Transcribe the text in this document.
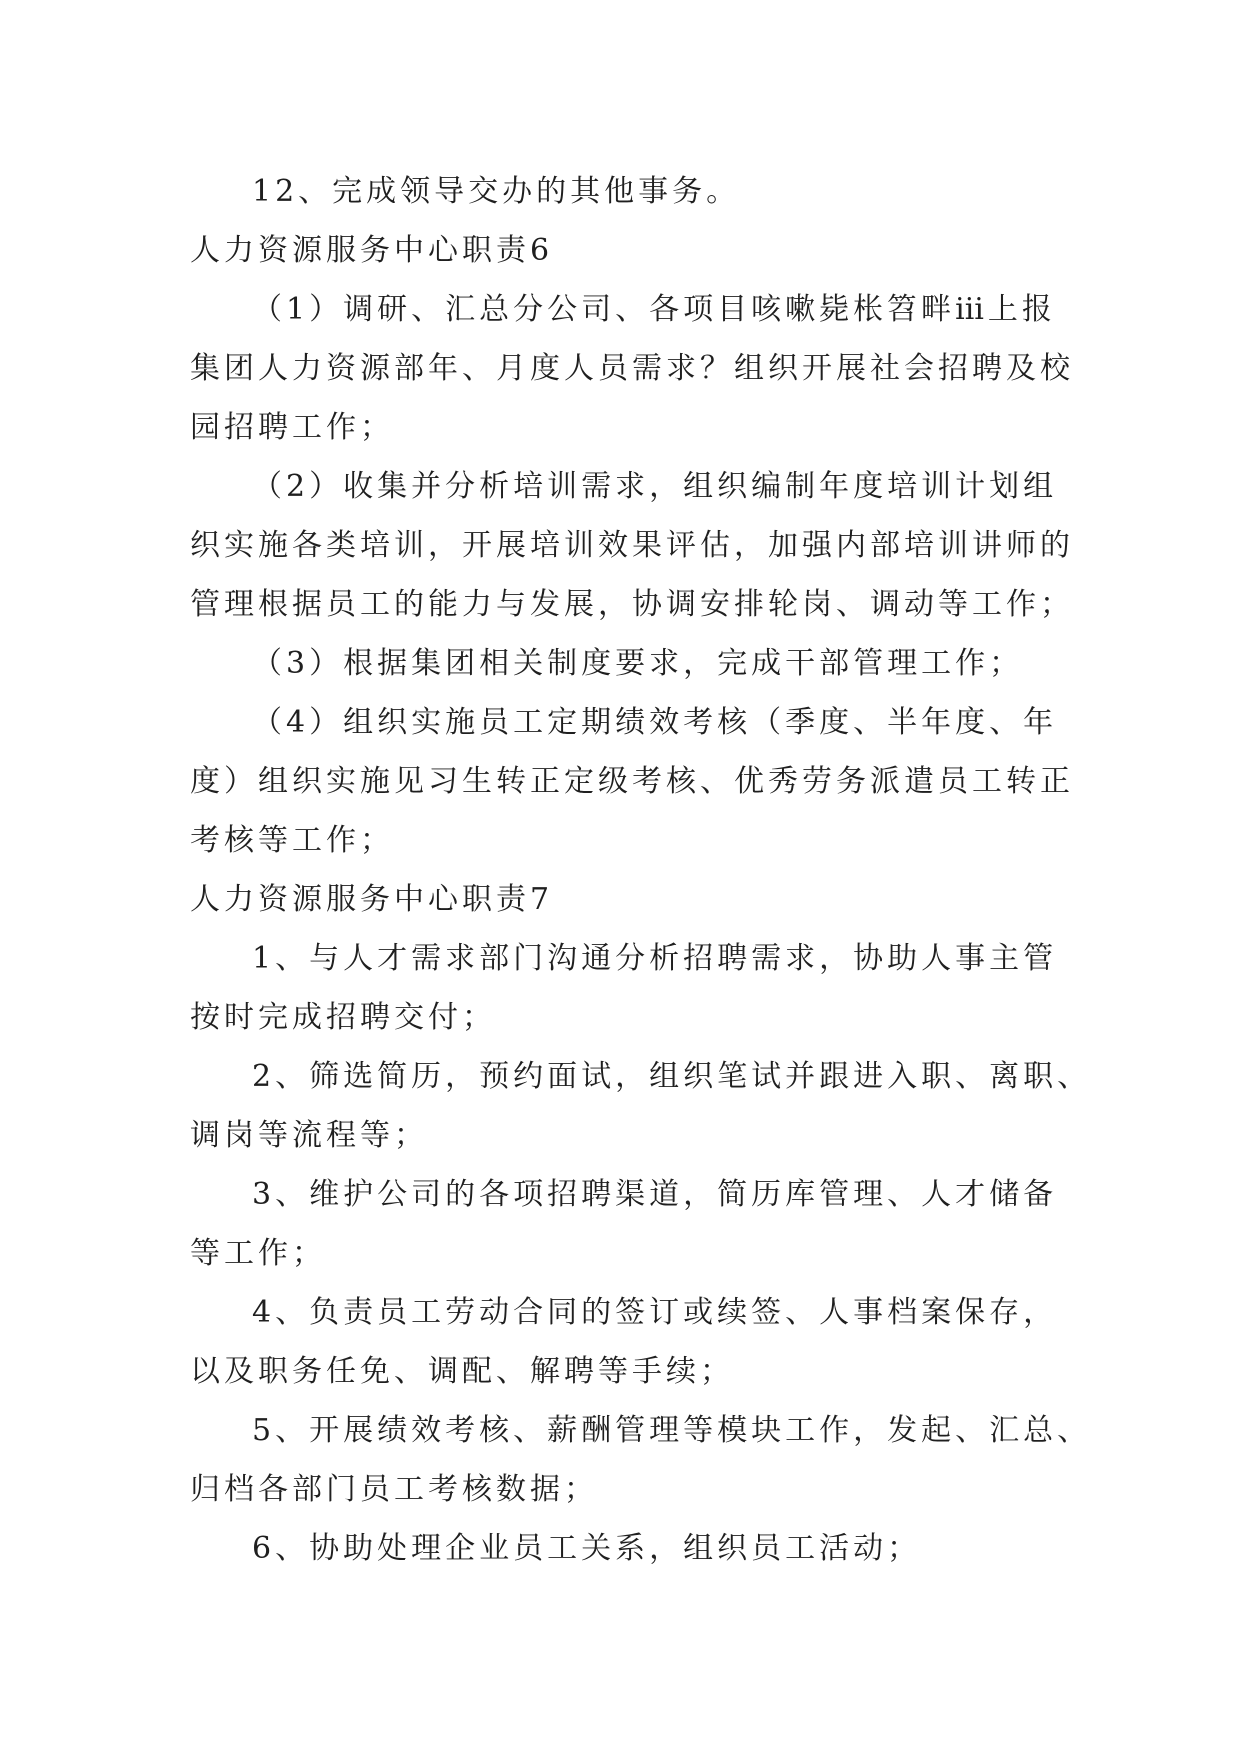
12、完成领导交办的其他事务。
人力资源服务中心职责6
（1）调研、汇总分公司、各项目咳嗽毙枨笤畔ⅲ上报
集团人力资源部年、月度人员需求？组织开展社会招聘及校
园招聘工作；
（2）收集并分析培训需求，组织编制年度培训计划组
织实施各类培训，开展培训效果评估，加强内部培训讲师的
管理根据员工的能力与发展，协调安排轮岗、调动等工作；
（3）根据集团相关制度要求，完成干部管理工作；
（4）组织实施员工定期绩效考核（季度、半年度、年
度）组织实施见习生转正定级考核、优秀劳务派遣员工转正
考核等工作；
人力资源服务中心职责7
1、与人才需求部门沟通分析招聘需求，协助人事主管
按时完成招聘交付；
2、筛选简历，预约面试，组织笔试并跟进入职、离职、
调岗等流程等；
3、维护公司的各项招聘渠道，简历库管理、人才储备
等工作；
4、负责员工劳动合同的签订或续签、人事档案保存，
以及职务任免、调配、解聘等手续；
5、开展绩效考核、薪酬管理等模块工作，发起、汇总、
归档各部门员工考核数据；
6、协助处理企业员工关系，组织员工活动；
